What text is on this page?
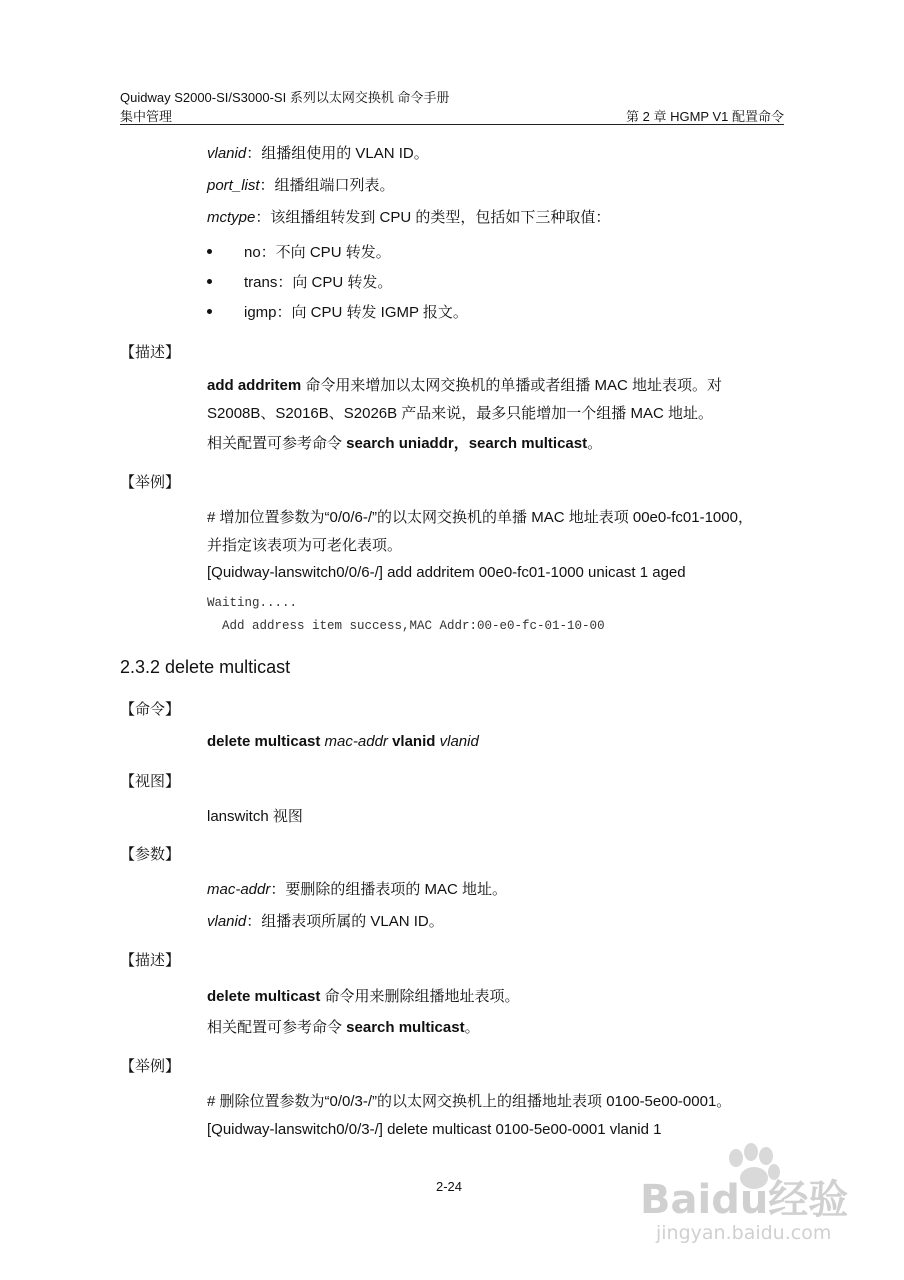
Quidway S2000-SI/S3000-SI 系列以太网交换机 命令手册
集中管理	第 2 章 HGMP V1 配置命令
vlanid：组播组使用的 VLAN ID。
port_list：组播组端口列表。
mctype：该组播组转发到 CPU 的类型，包括如下三种取值：
no：不向 CPU 转发。
trans：向 CPU 转发。
igmp：向 CPU 转发 IGMP 报文。
【描述】
add addritem 命令用来增加以太网交换机的单播或者组播 MAC 地址表项。对
S2008B、S2016B、S2026B 产品来说，最多只能增加一个组播 MAC 地址。
相关配置可参考命令 search uniaddr，search multicast。
【举例】
# 增加位置参数为“0/0/6-/”的以太网交换机的单播 MAC 地址表项 00e0-fc01-1000，
并指定该表项为可老化表项。
[Quidway-lanswitch0/0/6-/] add addritem 00e0-fc01-1000 unicast 1 aged
Waiting.....
Add address item success,MAC Addr:00-e0-fc-01-10-00
2.3.2 delete multicast
【命令】
delete multicast mac-addr vlanid vlanid
【视图】
lanswitch 视图
【参数】
mac-addr：要删除的组播表项的 MAC 地址。
vlanid：组播表项所属的 VLAN ID。
【描述】
delete multicast 命令用来删除组播地址表项。
相关配置可参考命令 search multicast。
【举例】
# 删除位置参数为“0/0/3-/”的以太网交换机上的组播地址表项 0100-5e00-0001。
[Quidway-lanswitch0/0/3-/] delete multicast 0100-5e00-0001 vlanid 1
2-24	Baidu经验
jingyan.baidu.com
